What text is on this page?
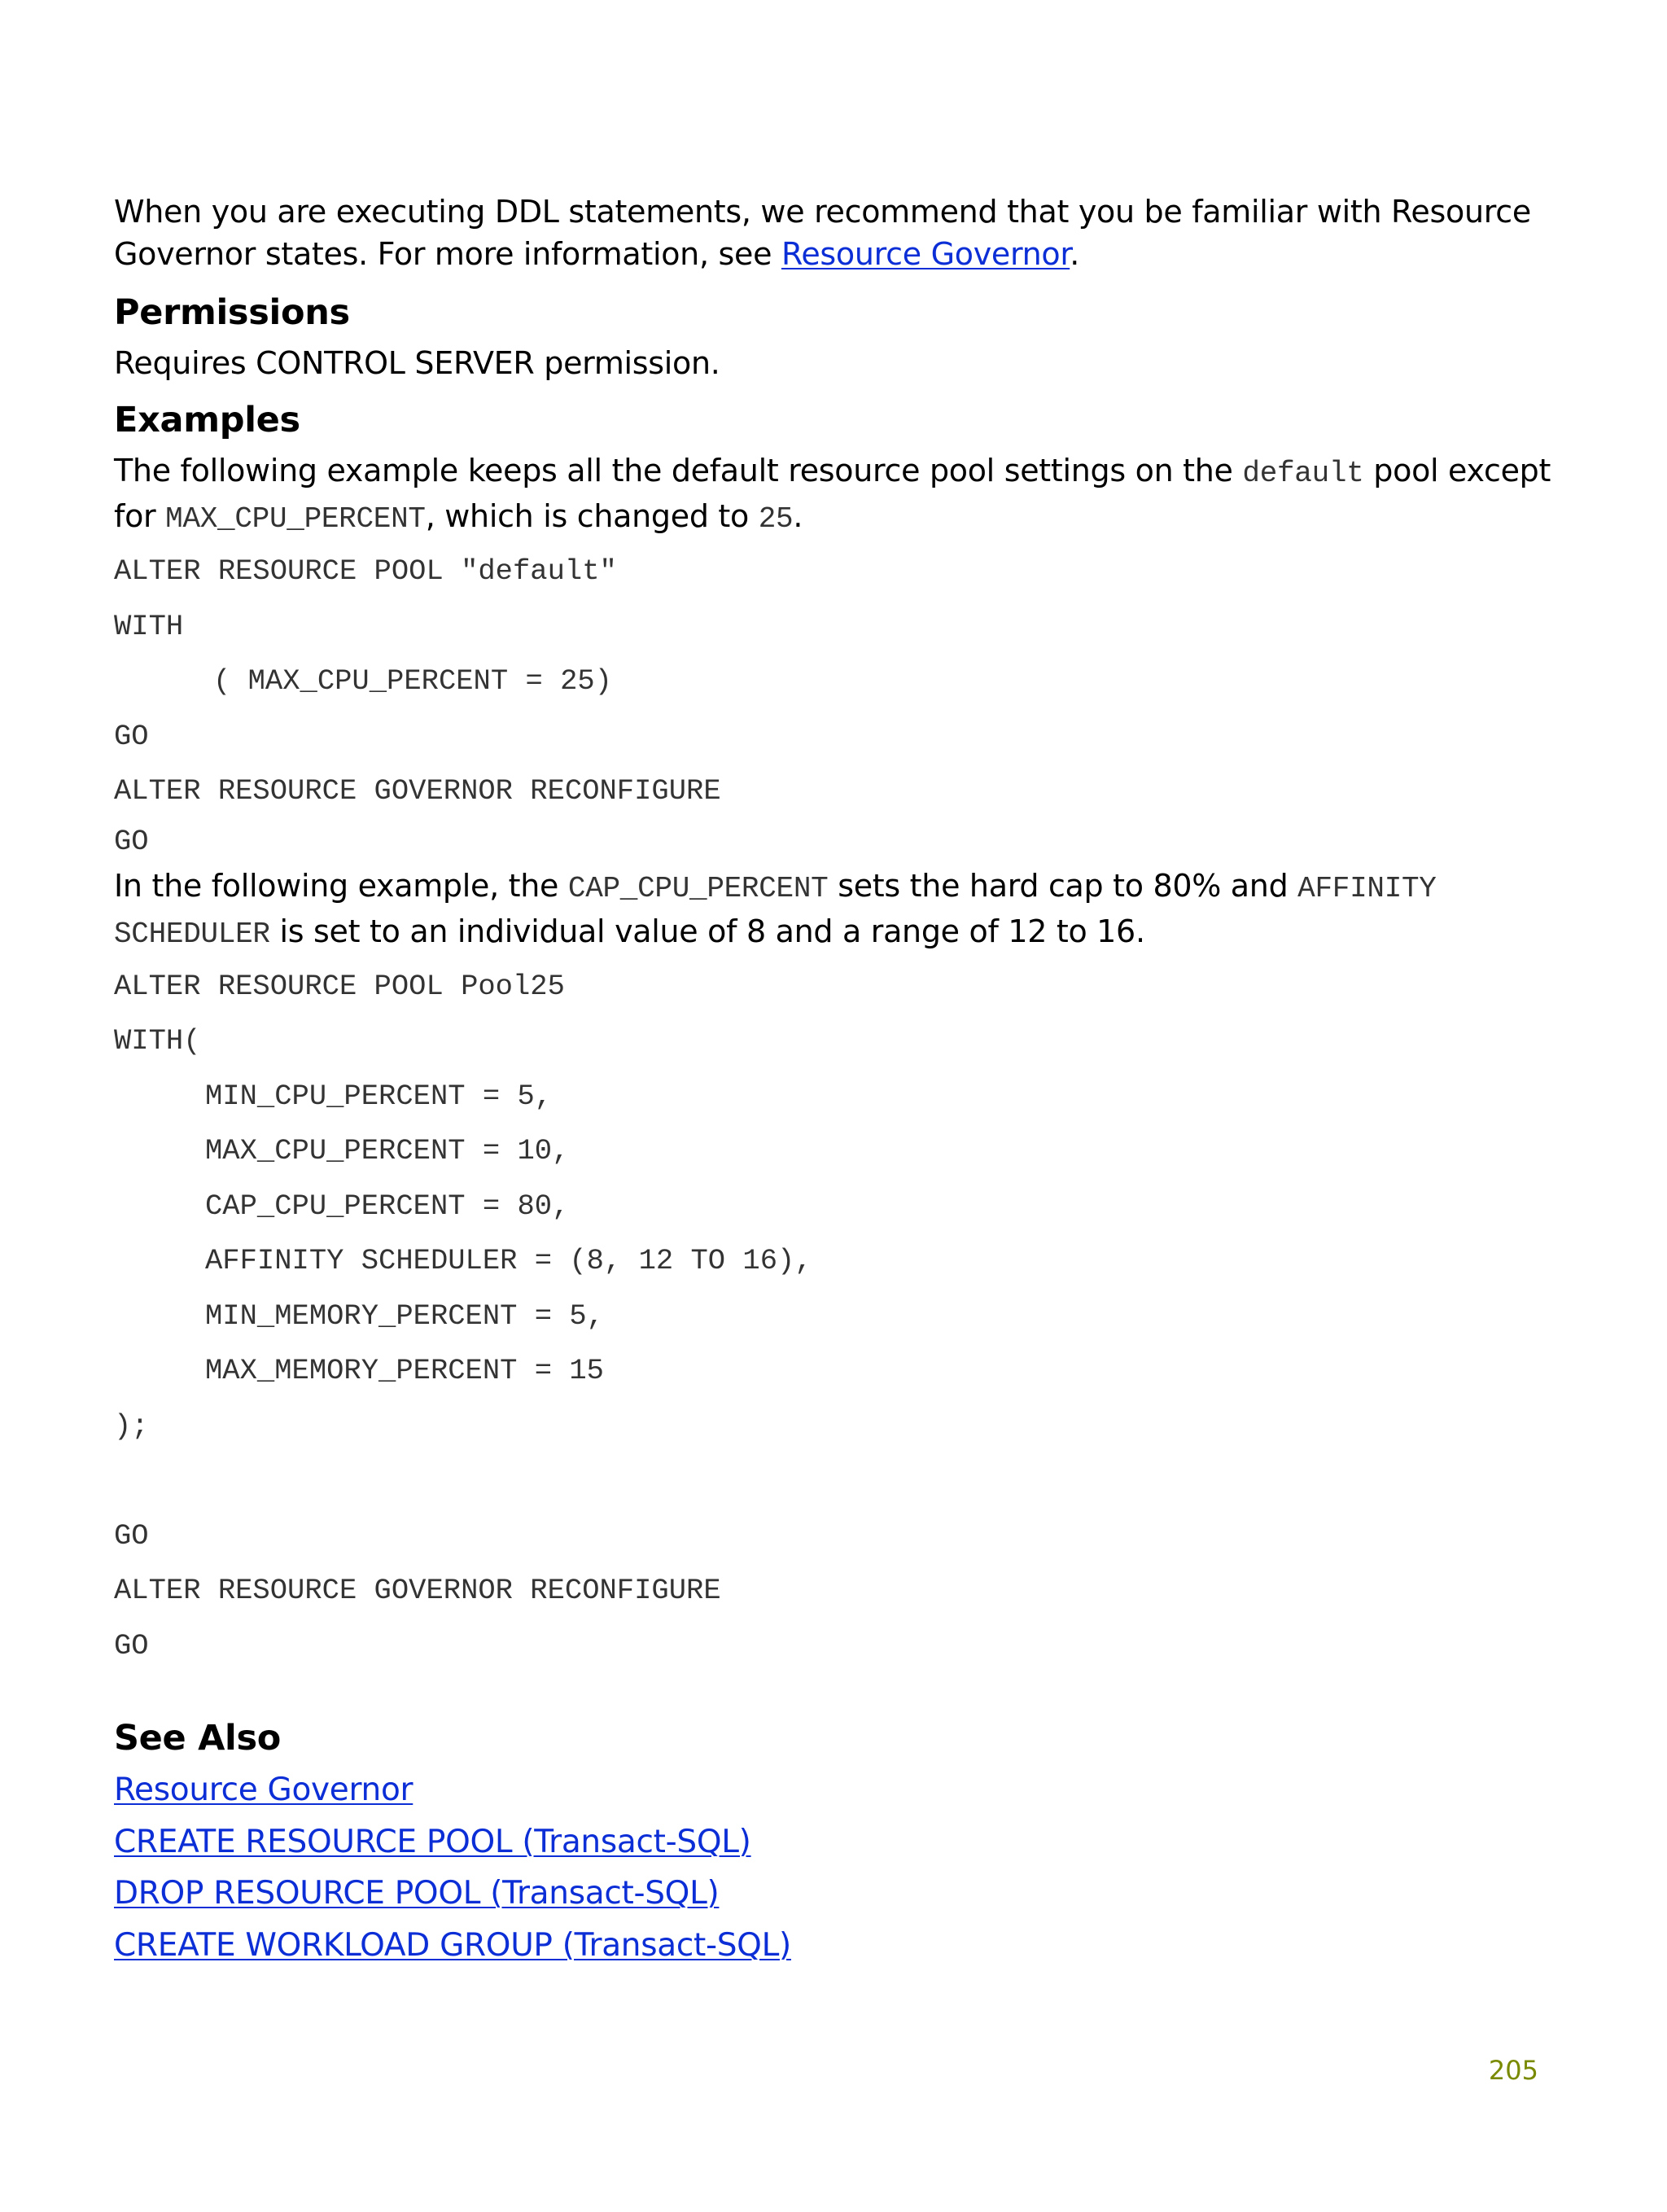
When you are executing DDL statements, we recommend that you be familiar with Resource Governor states. For more information, see Resource Governor.

Permissions

Requires CONTROL SERVER permission.

Examples

The following example keeps all the default resource pool settings on the default pool except for MAX_CPU_PERCENT, which is changed to 25.

ALTER RESOURCE POOL "default"
WITH
( MAX_CPU_PERCENT = 25)
GO
ALTER RESOURCE GOVERNOR RECONFIGURE
GO

In the following example, the CAP_CPU_PERCENT sets the hard cap to 80% and AFFINITY SCHEDULER is set to an individual value of 8 and a range of 12 to 16.

ALTER RESOURCE POOL Pool25
WITH(
MIN_CPU_PERCENT = 5,
MAX_CPU_PERCENT = 10,
CAP_CPU_PERCENT = 80,
AFFINITY SCHEDULER = (8, 12 TO 16),
MIN_MEMORY_PERCENT = 5,
MAX_MEMORY_PERCENT = 15
);
GO
ALTER RESOURCE GOVERNOR RECONFIGURE
GO
See Also
Resource Governor
CREATE RESOURCE POOL (Transact-SQL)
DROP RESOURCE POOL (Transact-SQL)
CREATE WORKLOAD GROUP (Transact-SQL)
205
